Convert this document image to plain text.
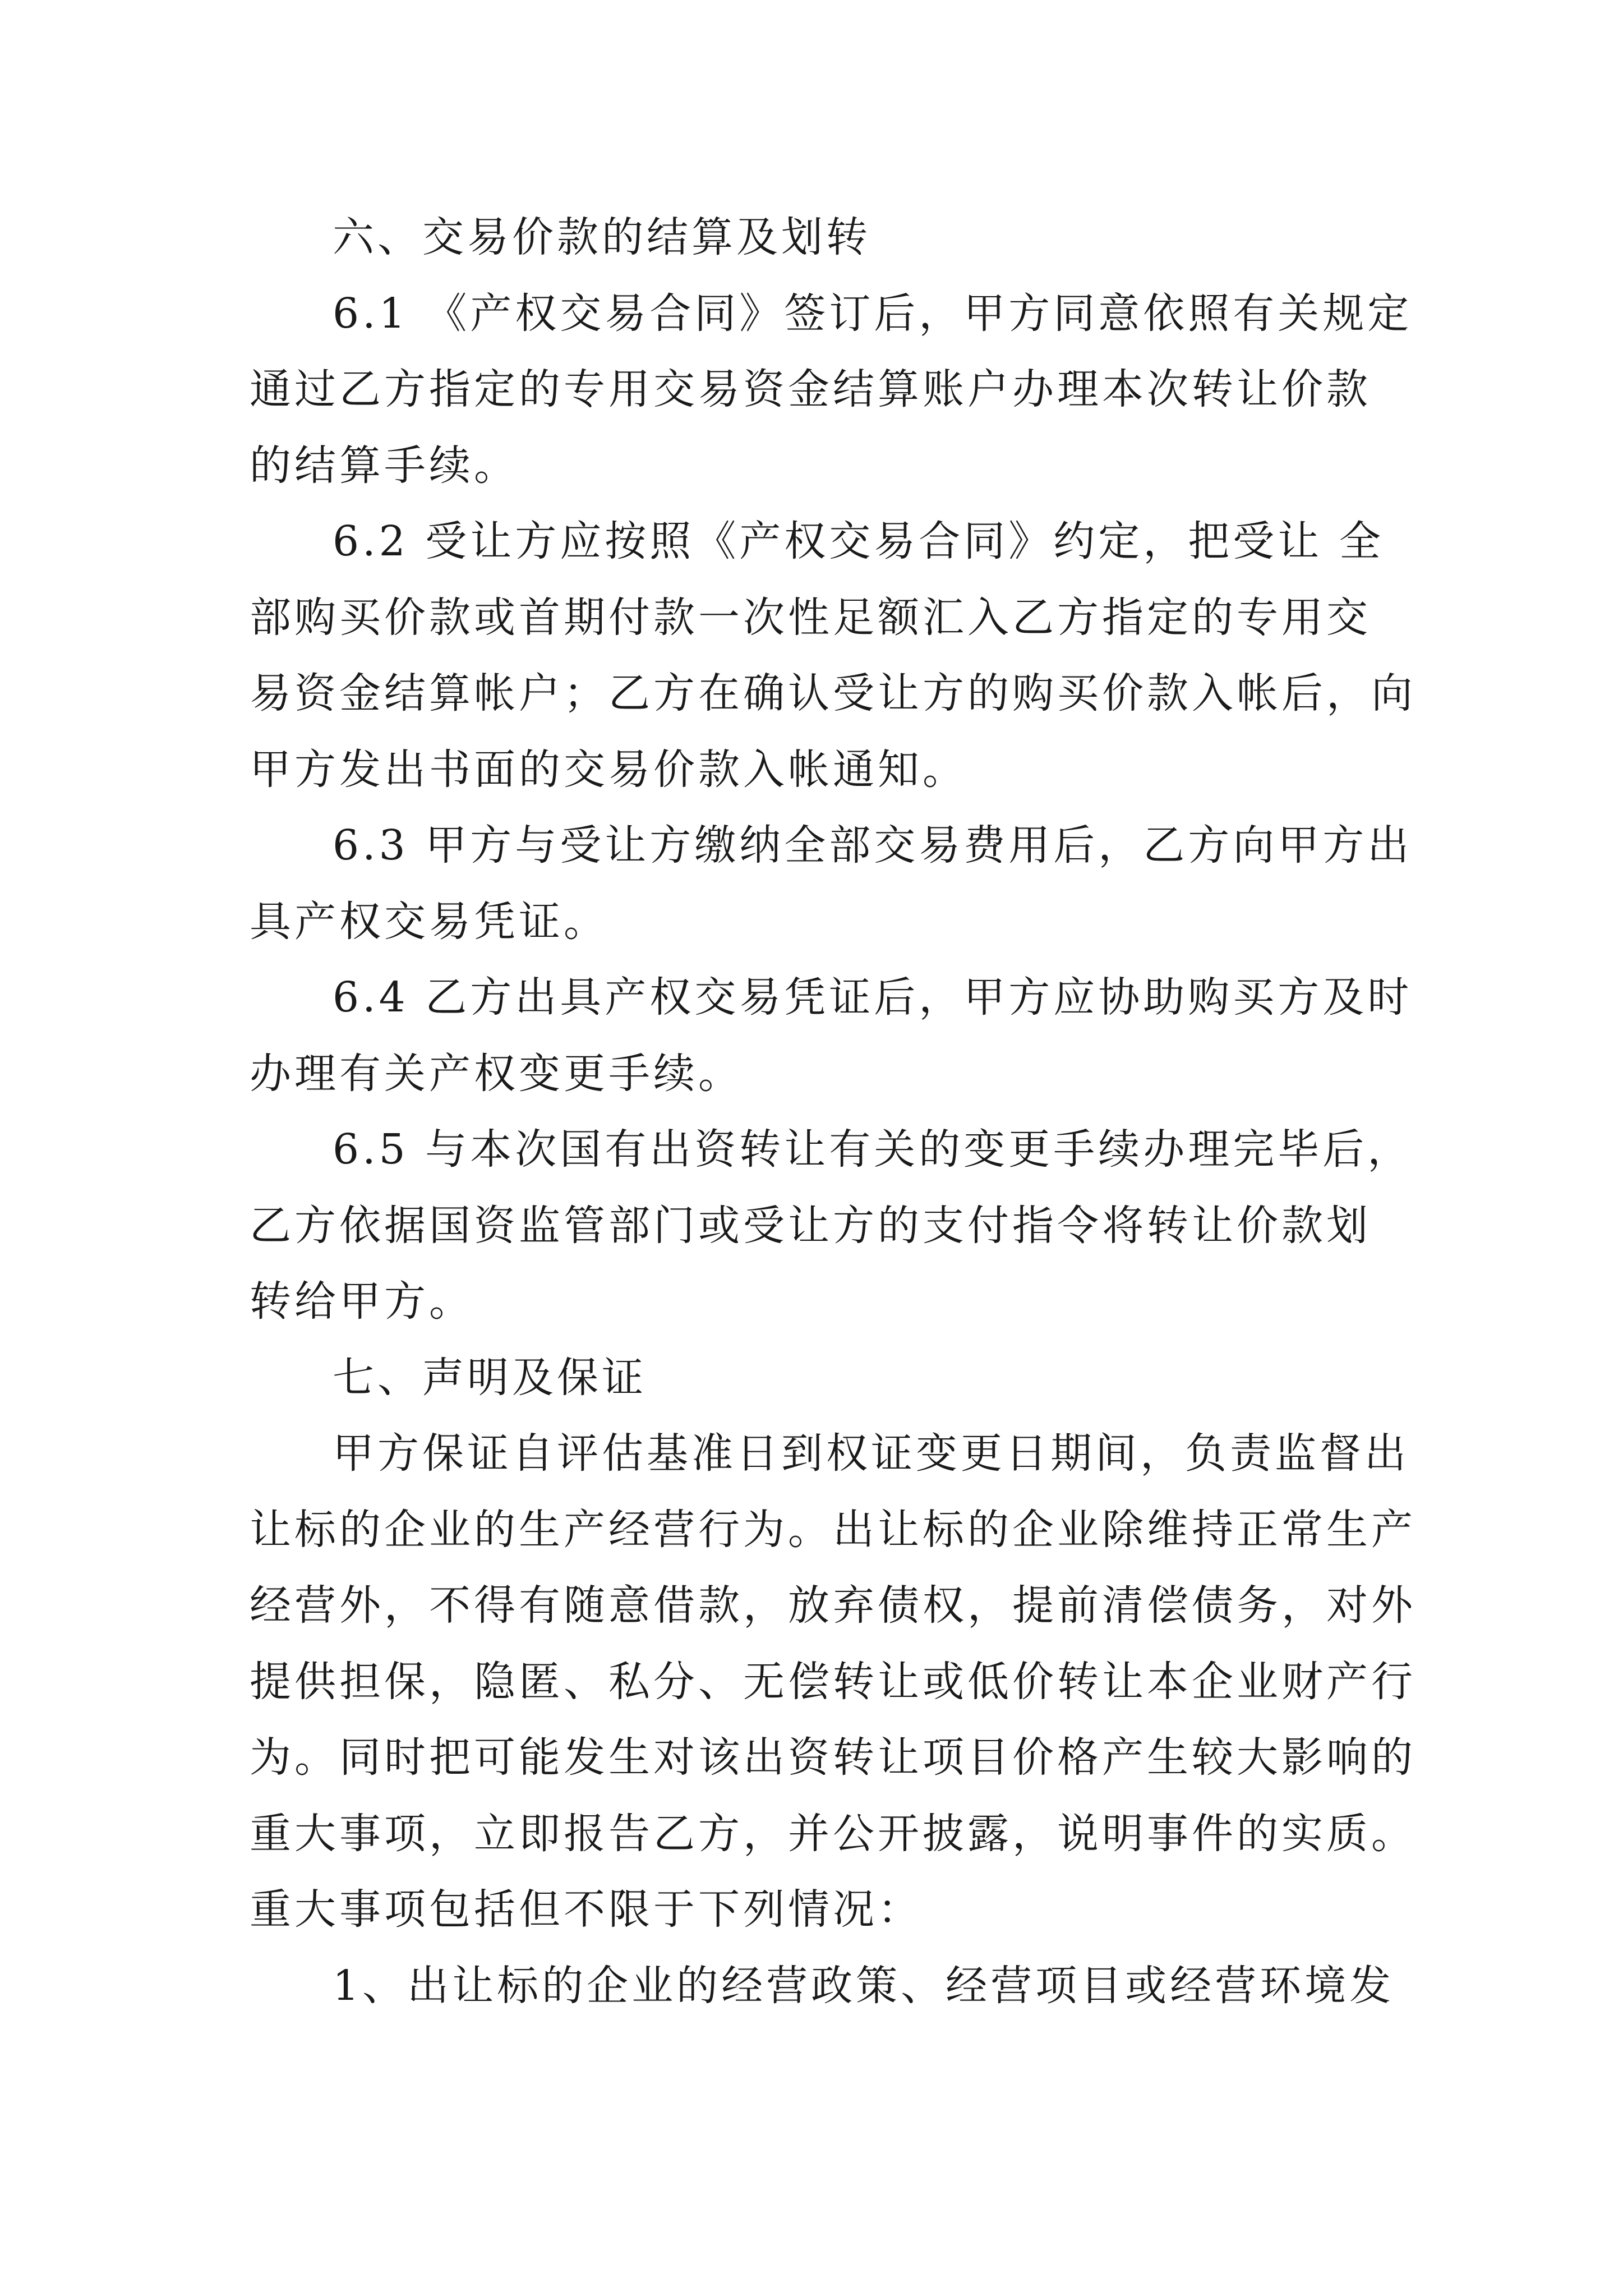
六、交易价款的结算及划转
6.1 《产权交易合同》签订后，甲方同意依照有关规定
通过乙方指定的专用交易资金结算账户办理本次转让价款
的结算手续。
6.2 受让方应按照《产权交易合同》约定，把受让 全
部购买价款或首期付款一次性足额汇入乙方指定的专用交
易资金结算帐户；乙方在确认受让方的购买价款入帐后，向
甲方发出书面的交易价款入帐通知。
6.3 甲方与受让方缴纳全部交易费用后，乙方向甲方出
具产权交易凭证。
6.4 乙方出具产权交易凭证后，甲方应协助购买方及时
办理有关产权变更手续。
6.5 与本次国有出资转让有关的变更手续办理完毕后，
乙方依据国资监管部门或受让方的支付指令将转让价款划
转给甲方。
七、声明及保证
甲方保证自评估基准日到权证变更日期间，负责监督出
让标的企业的生产经营行为。出让标的企业除维持正常生产
经营外，不得有随意借款，放弃债权，提前清偿债务，对外
提供担保，隐匿、私分、无偿转让或低价转让本企业财产行
为。同时把可能发生对该出资转让项目价格产生较大影响的
重大事项，立即报告乙方，并公开披露，说明事件的实质。
重大事项包括但不限于下列情况：
1、出让标的企业的经营政策、经营项目或经营环境发
